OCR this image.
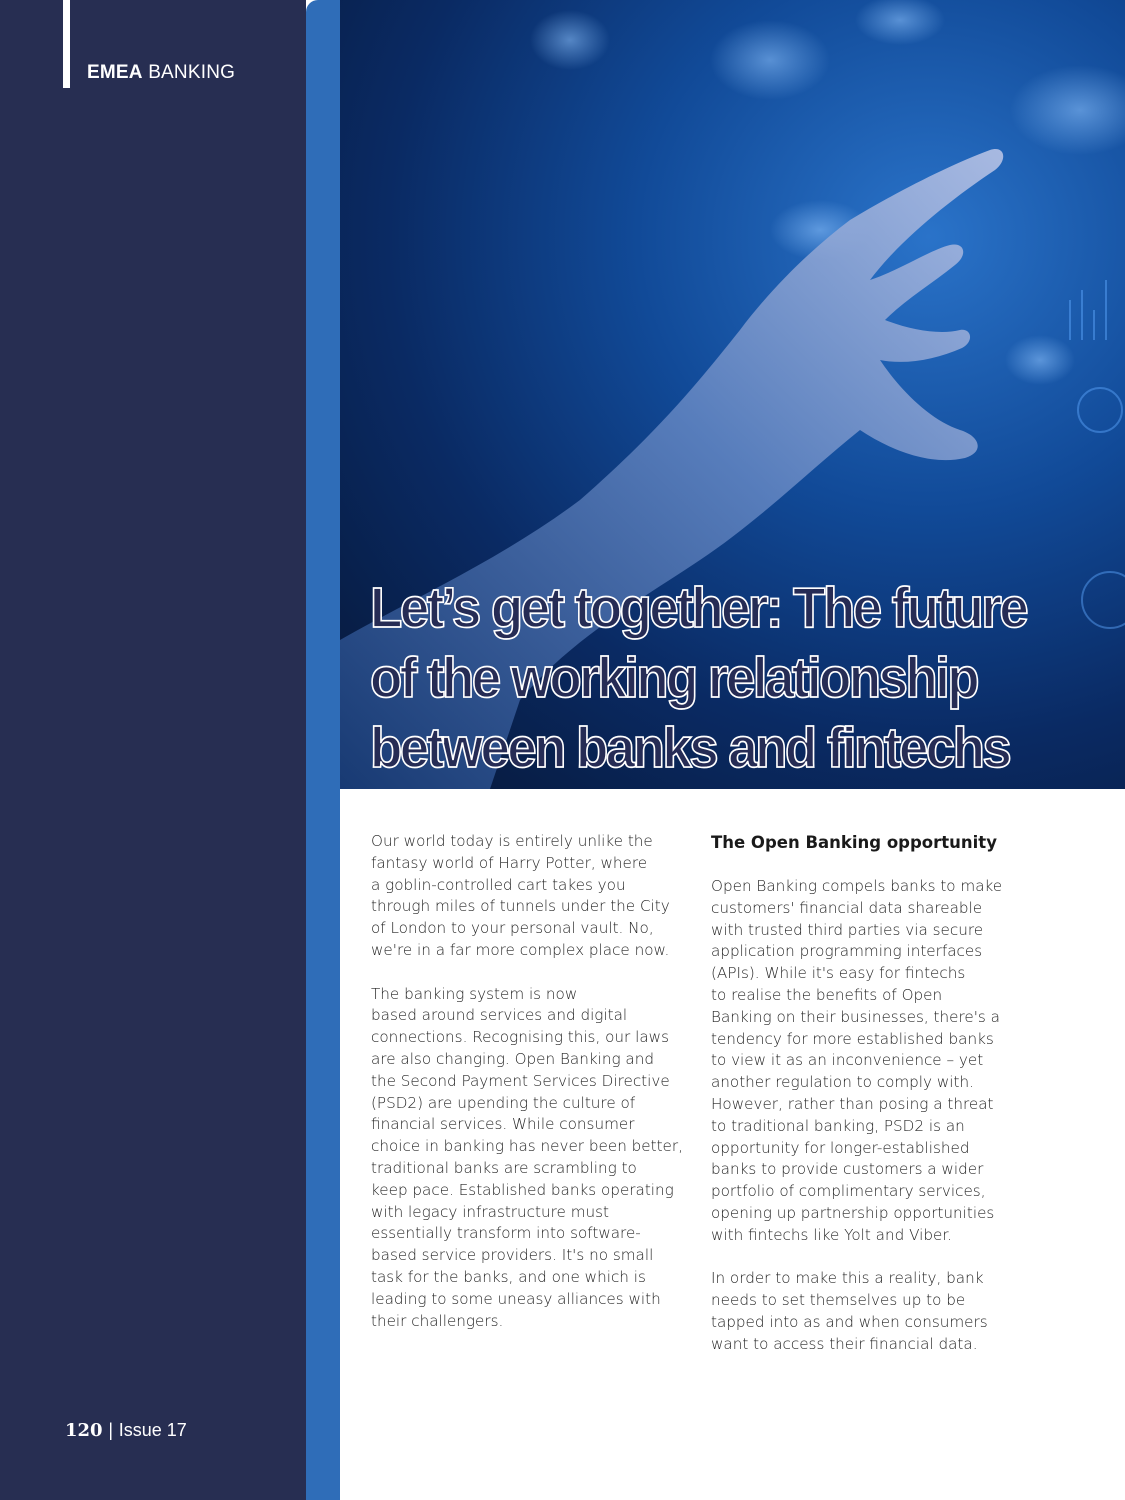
EMEA BANKING
120 | Issue 17
Let’s get together: The future of the working relationship between banks and fintechs

Our world today is entirely unlike the
fantasy world of Harry Potter, where
a goblin-controlled cart takes you
through miles of tunnels under the City
of London to your personal vault. No,
we're in a far more complex place now.

The banking system is now
based around services and digital
connections. Recognising this, our laws
are also changing. Open Banking and
the Second Payment Services Directive
(PSD2) are upending the culture of
financial services. While consumer
choice in banking has never been better,
traditional banks are scrambling to
keep pace. Established banks operating
with legacy infrastructure must
essentially transform into software-
based service providers. It's no small
task for the banks, and one which is
leading to some uneasy alliances with
their challengers.

The Open Banking opportunity

Open Banking compels banks to make
customers' financial data shareable
with trusted third parties via secure
application programming interfaces
(APIs). While it's easy for fintechs
to realise the benefits of Open
Banking on their businesses, there's a
tendency for more established banks
to view it as an inconvenience – yet
another regulation to comply with.
However, rather than posing a threat
to traditional banking, PSD2 is an
opportunity for longer-established
banks to provide customers a wider
portfolio of complimentary services,
opening up partnership opportunities
with fintechs like Yolt and Viber.

In order to make this a reality, bank
needs to set themselves up to be
tapped into as and when consumers
want to access their financial data.
